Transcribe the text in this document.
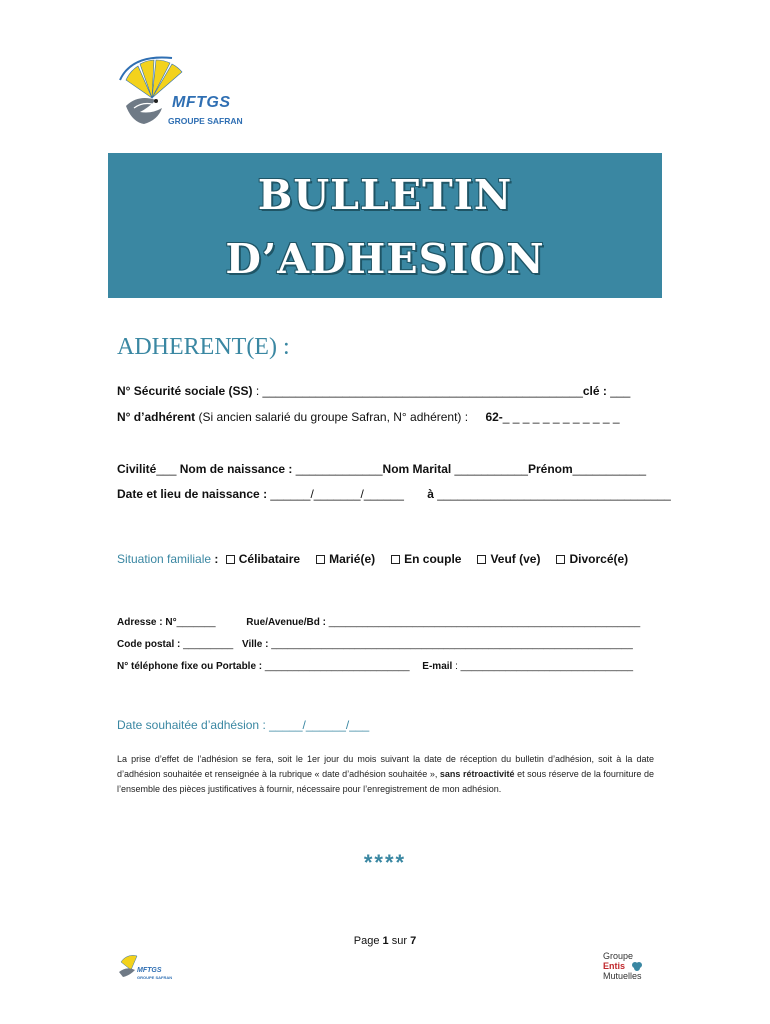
MFTGS
GROUPE SAFRAN
BULLETIN
D’ADHESION
ADHERENT(E) :
N° Sécurité sociale (SS) : ________________________________________________clé : ___
N° d’adhérent (Si ancien salarié du groupe Safran, N° adhérent) : 62-_ _ _ _ _ _ _ _ _ _ _ _
Civilité___ Nom de naissance : _____________Nom Marital ___________Prénom___________
Date et lieu de naissance : ______/_______/______ à ___________________________________
Situation familiale : Célibataire Marié(e) En couple Veuf (ve) Divorcé(e)
Adresse : N°_______	Rue/Avenue/Bd : ________________________________________________________
Code postal : _________ Ville : _________________________________________________________________
N° téléphone fixe ou Portable : __________________________ E-mail : _______________________________
Date souhaitée d’adhésion : _____/______/___
La prise d’effet de l’adhésion se fera, soit le 1er jour du mois suivant la date de réception du bulletin d’adhésion, soit à la date d’adhésion souhaitée et renseignée à la rubrique « date d’adhésion souhaitée », sans rétroactivité et sous réserve de la fourniture de l’ensemble des pièces justificatives à fournir, nécessaire pour l’enregistrement de mon adhésion.
****
Page 1 sur 7
MFTGS
GROUPE SAFRAN
Groupe
Entis
Mutuelles
